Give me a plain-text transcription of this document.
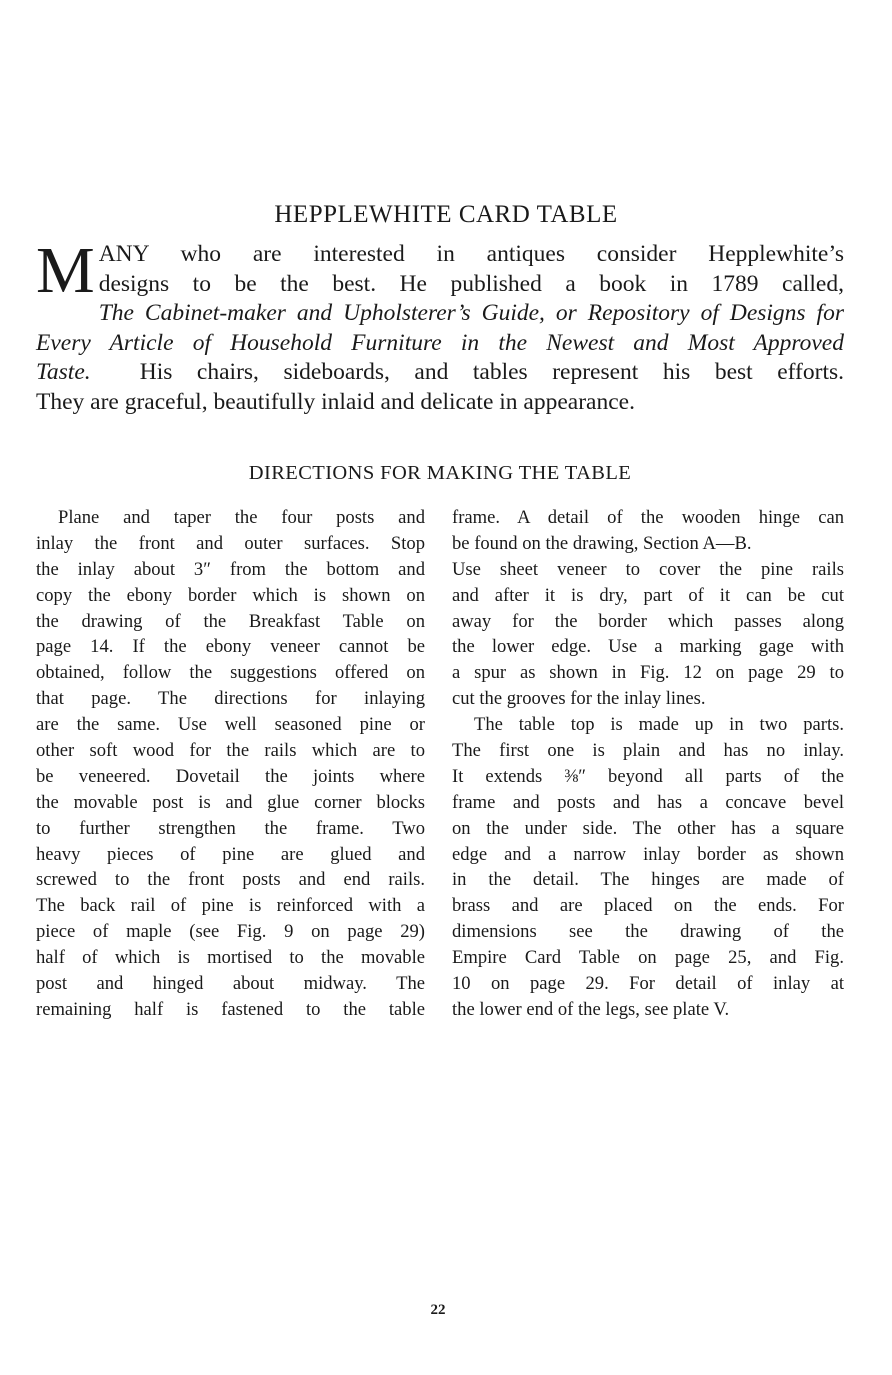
HEPPLEWHITE CARD TABLE
M ANY who are interested in antiques consider Hepplewhite’s
designs to be the best. He published a book in 1789 called,
The Cabinet-maker and Upholsterer’s Guide, or Repository of Designs for
Every Article of Household Furniture in the Newest and Most Approved
Taste. His chairs, sideboards, and tables represent his best efforts.
They are graceful, beautifully inlaid and delicate in appearance.
DIRECTIONS FOR MAKING THE TABLE
Plane and taper the four posts and
inlay the front and outer surfaces. Stop
the inlay about 3″ from the bottom and
copy the ebony border which is shown on
the drawing of the Breakfast Table on
page 14. If the ebony veneer cannot be
obtained, follow the suggestions offered on
that page. The directions for inlaying
are the same. Use well seasoned pine or
other soft wood for the rails which are to
be veneered. Dovetail the joints where
the movable post is and glue corner blocks
to further strengthen the frame. Two
heavy pieces of pine are glued and
screwed to the front posts and end rails.
The back rail of pine is reinforced with a
piece of maple (see Fig. 9 on page 29)
half of which is mortised to the movable
post and hinged about midway. The
remaining half is fastened to the table
frame. A detail of the wooden hinge can
be found on the drawing, Section A—B.
Use sheet veneer to cover the pine rails
and after it is dry, part of it can be cut
away for the border which passes along
the lower edge. Use a marking gage with
a spur as shown in Fig. 12 on page 29 to
cut the grooves for the inlay lines.
The table top is made up in two parts.
The first one is plain and has no inlay.
It extends ⅜″ beyond all parts of the
frame and posts and has a concave bevel
on the under side. The other has a square
edge and a narrow inlay border as shown
in the detail. The hinges are made of
brass and are placed on the ends. For
dimensions see the drawing of the
Empire Card Table on page 25, and Fig.
10 on page 29. For detail of inlay at
the lower end of the legs, see plate V.
22
